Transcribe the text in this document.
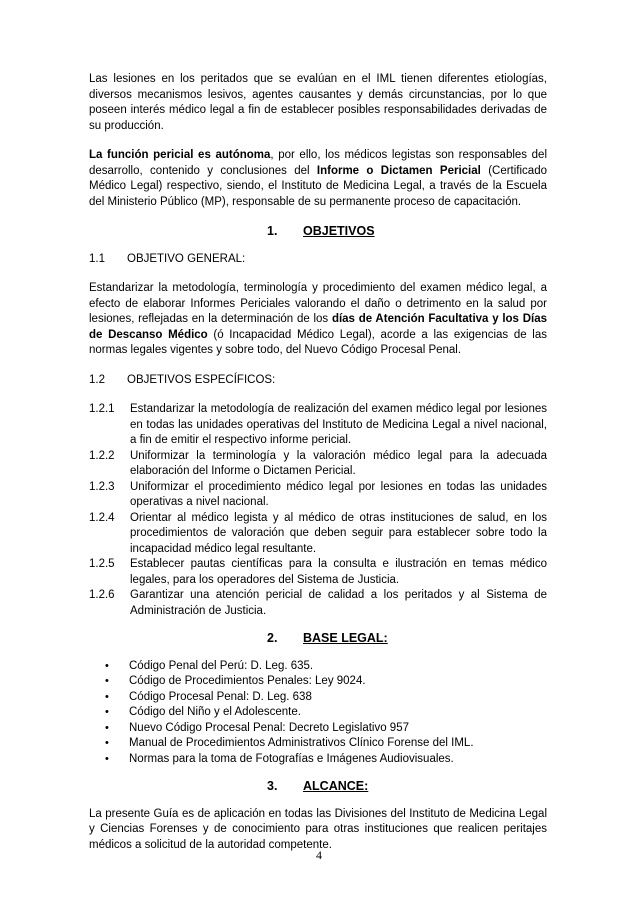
Las lesiones en los peritados que se evalúan en el IML tienen diferentes etiologías, diversos mecanismos lesivos, agentes causantes y demás circunstancias, por lo que poseen interés médico legal a fin de establecer posibles responsabilidades derivadas de su producción.

La función pericial es autónoma, por ello, los médicos legistas son responsables del desarrollo, contenido y conclusiones del Informe o Dictamen Pericial (Certificado Médico Legal) respectivo, siendo, el Instituto de Medicina Legal, a través de la Escuela del Ministerio Público (MP), responsable de su permanente proceso de capacitación.

1. OBJETIVOS
1.1	OBJETIVO GENERAL:

Estandarizar la metodología, terminología y procedimiento del examen médico legal, a efecto de elaborar Informes Periciales valorando el daño o detrimento en la salud por lesiones, reflejadas en la determinación de los días de Atención Facultativa y los Días de Descanso Médico (ó Incapacidad Médico Legal), acorde a las exigencias de las normas legales vigentes y sobre todo, del Nuevo Código Procesal Penal.

1.2	OBJETIVOS ESPECÍFICOS:
1.2.1	Estandarizar la metodología de realización del examen médico legal por lesiones en todas las unidades operativas del Instituto de Medicina Legal a nivel nacional, a fin de emitir el respectivo informe pericial.
1.2.2	Uniformizar la terminología y la valoración médico legal para la adecuada elaboración del Informe o Dictamen Pericial.
1.2.3	Uniformizar el procedimiento médico legal por lesiones en todas las unidades operativas a nivel nacional.
1.2.4	Orientar al médico legista y al médico de otras instituciones de salud, en los procedimientos de valoración que deben seguir para establecer sobre todo la incapacidad médico legal resultante.
1.2.5	Establecer pautas científicas para la consulta e ilustración en temas médico legales, para los operadores del Sistema de Justicia.
1.2.6	Garantizar una atención pericial de calidad a los peritados y al Sistema de Administración de Justicia.
2. BASE LEGAL:
•	Código Penal del Perú: D. Leg. 635.
•	Código de Procedimientos Penales: Ley 9024.
•	Código Procesal Penal: D. Leg. 638
•	Código del Niño y el Adolescente.
•	Nuevo Código Procesal Penal: Decreto Legislativo 957
•	Manual de Procedimientos Administrativos Clínico Forense del IML.
•	Normas para la toma de Fotografías e Imágenes Audiovisuales.
3. ALCANCE:

La presente Guía es de aplicación en todas las Divisiones del Instituto de Medicina Legal y Ciencias Forenses y de conocimiento para otras instituciones que realicen peritajes médicos a solicitud de la autoridad competente.

4
